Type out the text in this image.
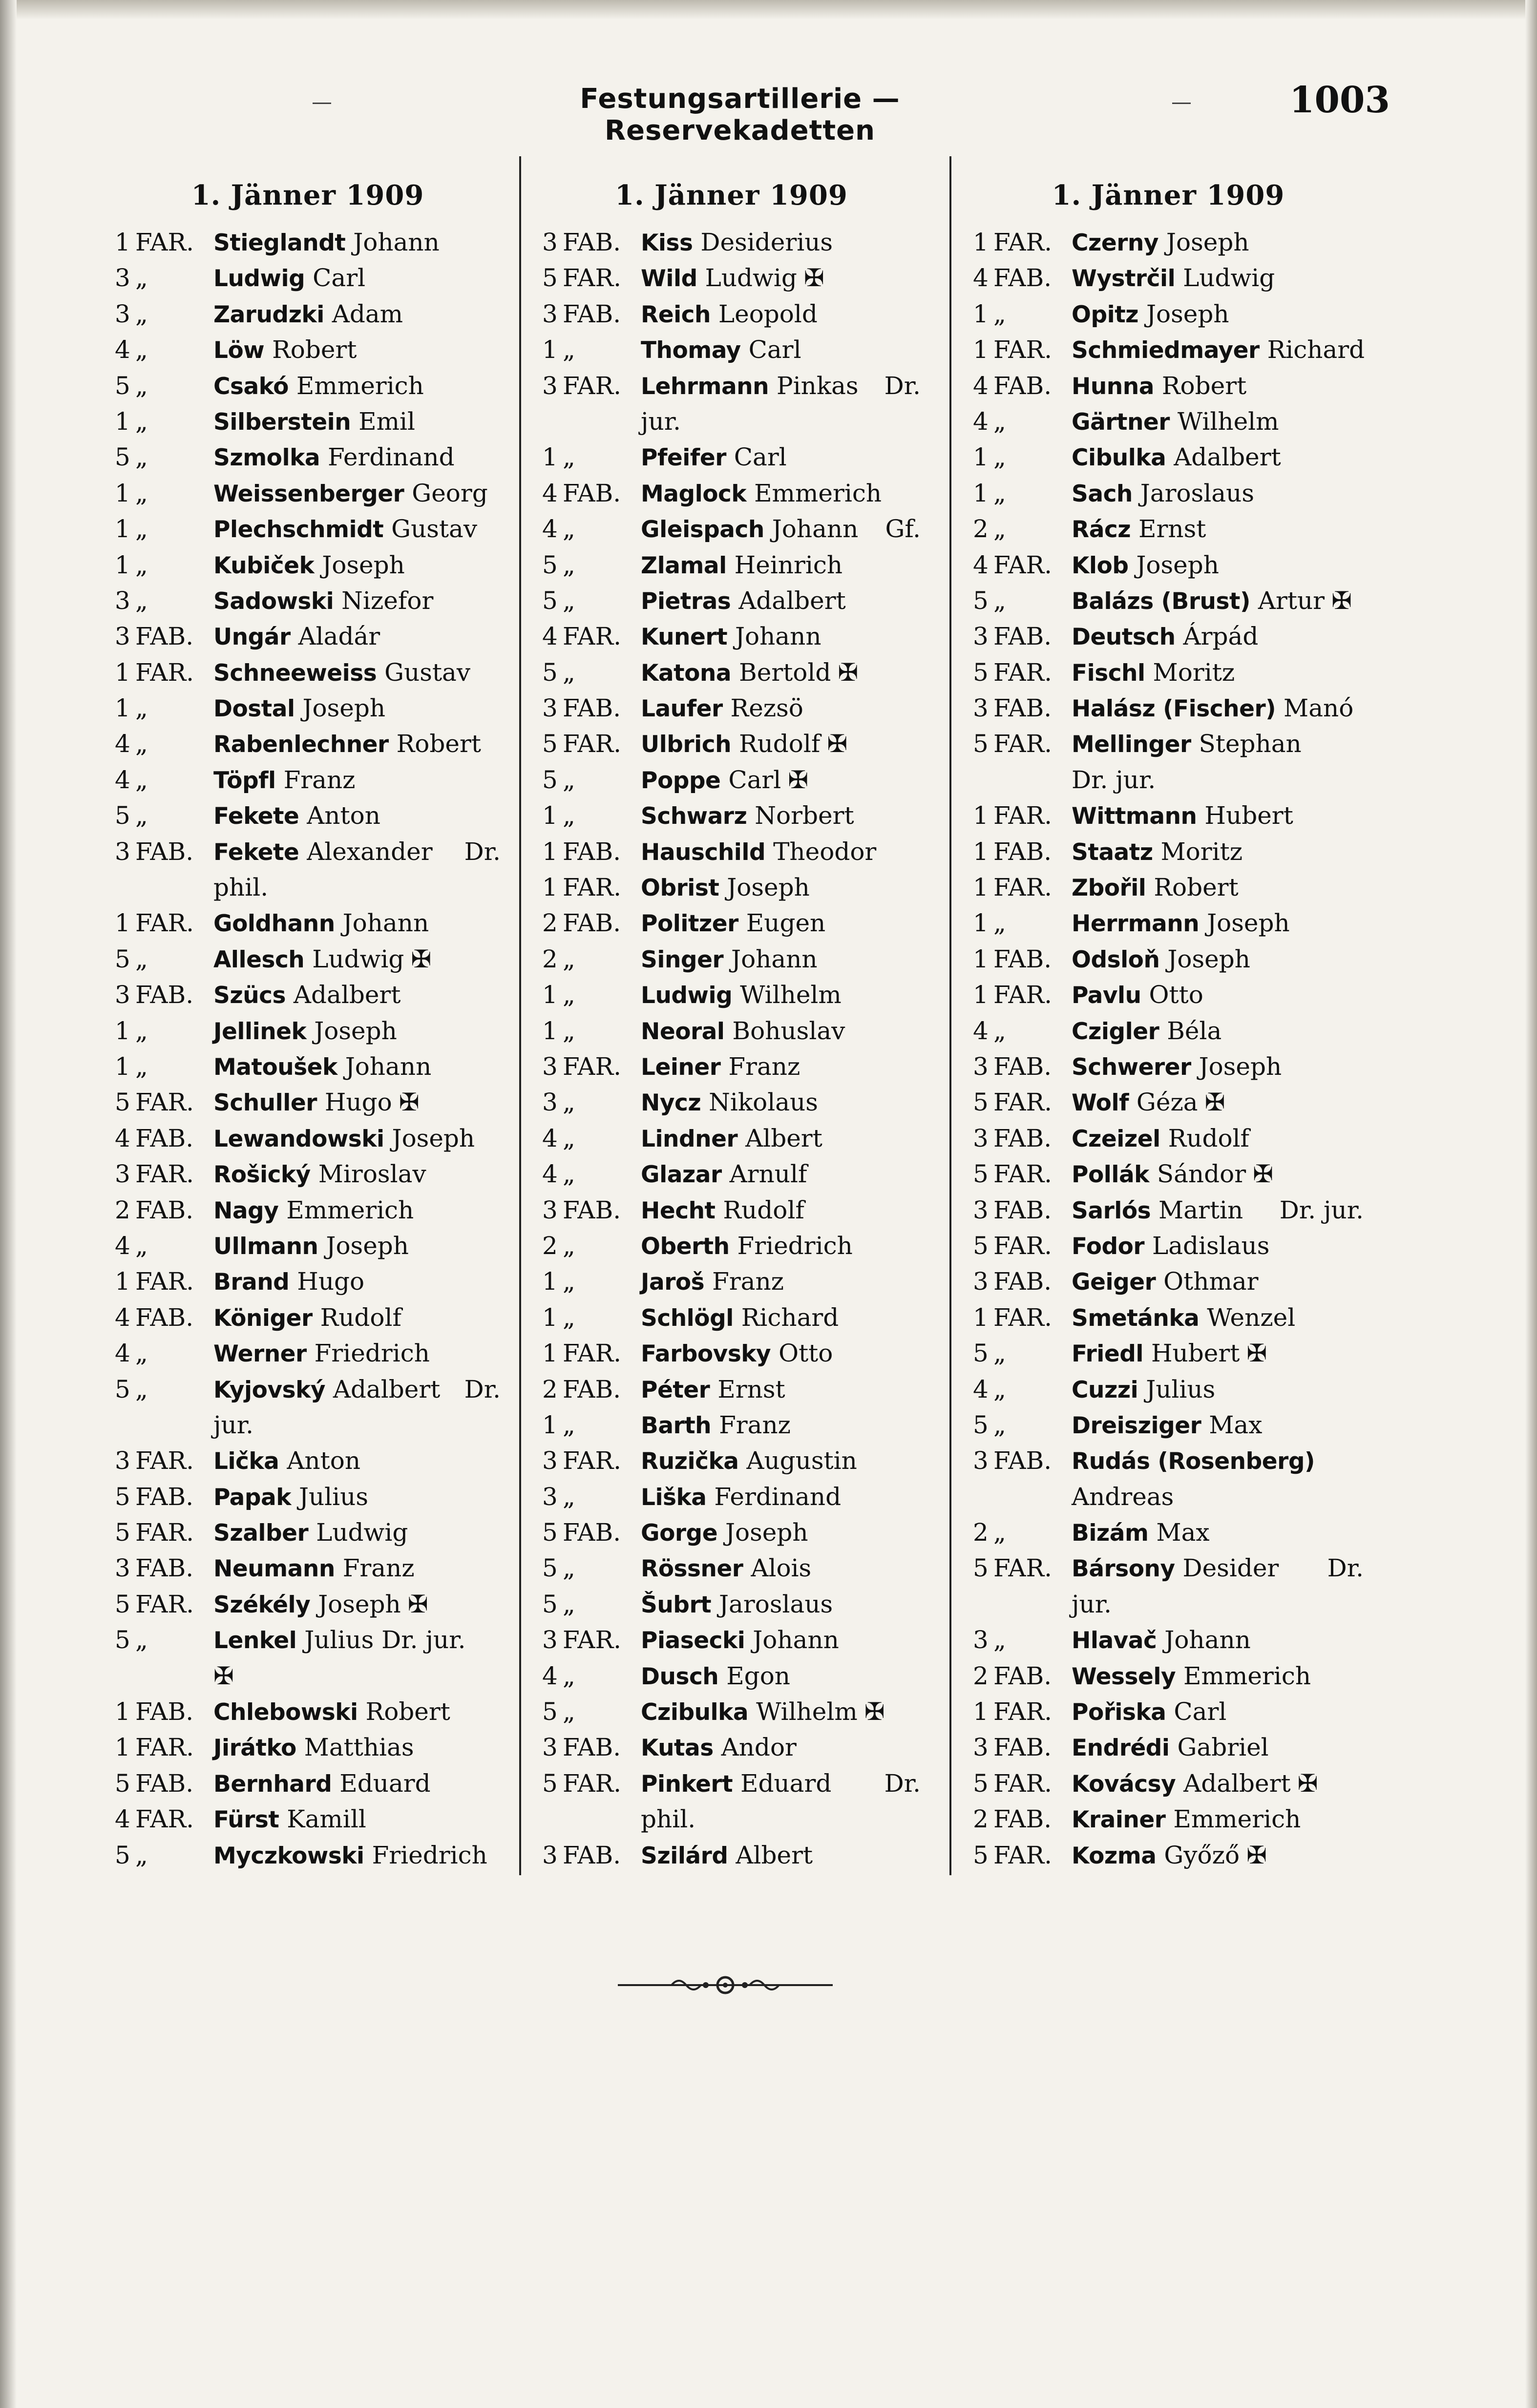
Festungsartillerie — Reservekadetten
1003
1. Jänner 1909
1 FAR. Stieglandt Johann
3 „	Ludwig Carl
3 „	Zarudzki Adam
4 „	Löw Robert
5 „	Csakó Emmerich
1 „	Silberstein Emil
5 „	Szmolka Ferdinand
1 „	Weissenberger Georg
1 „	Plechschmidt Gustav
1 „	Kubiček Joseph
3 „	Sadowski Nizefor
3 FAB. Ungár Aladár
1 FAR. Schneeweiss Gustav
1 „	Dostal Joseph
4 „	Rabenlechner Robert
4 „	Töpfl Franz
5 „	Fekete Anton
3 FAB. Fekete Alexander Dr.
phil.
1 FAR. Goldhann Johann
5 „	Allesch Ludwig ✠
3 FAB. Szücs Adalbert
1 „	Jellinek Joseph
1 „	Matoušek Johann
5 FAR. Schuller Hugo ✠
4 FAB. Lewandowski Joseph
3 FAR. Rošický Miroslav
2 FAB. Nagy Emmerich
4 „	Ullmann Joseph
1 FAR. Brand Hugo
4 FAB. Königer Rudolf
4 „	Werner Friedrich
5 „	Kyjovský Adalbert Dr.
jur.
3 FAR. Lička Anton
5 FAB. Papak Julius
5 FAR. Szalber Ludwig
3 FAB. Neumann Franz
5 FAR. Székély Joseph ✠
5 „	Lenkel Julius Dr. jur.
✠
1 FAB. Chlebowski Robert
1 FAR. Jirátko Matthias
5 FAB. Bernhard Eduard
4 FAR. Fürst Kamill
5 „	Myczkowski Friedrich
1. Jänner 1909
3 FAB. Kiss Desiderius
5 FAR. Wild Ludwig ✠
3 FAB. Reich Leopold
1 „	Thomay Carl
3 FAR. Lehrmann Pinkas Dr.
jur.
1 „	Pfeifer Carl
4 FAB. Maglock Emmerich
4 „	Gleispach Johann Gf.
5 „	Zlamal Heinrich
5 „	Pietras Adalbert
4 FAR. Kunert Johann
5 „	Katona Bertold ✠
3 FAB. Laufer Rezsö
5 FAR. Ulbrich Rudolf ✠
5 „	Poppe Carl ✠
1 „	Schwarz Norbert
1 FAB. Hauschild Theodor
1 FAR. Obrist Joseph
2 FAB. Politzer Eugen
2 „	Singer Johann
1 „	Ludwig Wilhelm
1 „	Neoral Bohuslav
3 FAR. Leiner Franz
3 „	Nycz Nikolaus
4 „	Lindner Albert
4 „	Glazar Arnulf
3 FAB. Hecht Rudolf
2 „	Oberth Friedrich
1 „	Jaroš Franz
1 „	Schlögl Richard
1 FAR. Farbovsky Otto
2 FAB. Péter Ernst
1 „	Barth Franz
3 FAR. Ruzička Augustin
3 „	Liška Ferdinand
5 FAB. Gorge Joseph
5 „	Rössner Alois
5 „	Šubrt Jaroslaus
3 FAR. Piasecki Johann
4 „	Dusch Egon
5 „	Czibulka Wilhelm ✠
3 FAB. Kutas Andor
5 FAR. Pinkert Eduard Dr.
phil.
3 FAB. Szilárd Albert
1. Jänner 1909
1 FAR. Czerny Joseph
4 FAB. Wystrčil Ludwig
1 „	Opitz Joseph
1 FAR. Schmiedmayer Richard
4 FAB. Hunna Robert
4 „	Gärtner Wilhelm
1 „	Cibulka Adalbert
1 „	Sach Jaroslaus
2 „	Rácz Ernst
4 FAR. Klob Joseph
5 „	Balázs (Brust) Artur ✠
3 FAB. Deutsch Árpád
5 FAR. Fischl Moritz
3 FAB. Halász (Fischer) Manó
5 FAR. Mellinger Stephan
Dr. jur.
1 FAR. Wittmann Hubert
1 FAB. Staatz Moritz
1 FAR. Zbořil Robert
1 „	Herrmann Joseph
1 FAB. Odsloň Joseph
1 FAR. Pavlu Otto
4 „	Czigler Béla
3 FAB. Schwerer Joseph
5 FAR. Wolf Géza ✠
3 FAB. Czeizel Rudolf
5 FAR. Pollák Sándor ✠
3 FAB. Sarlós Martin Dr. jur.
5 FAR. Fodor Ladislaus
3 FAB. Geiger Othmar
1 FAR. Smetánka Wenzel
5 „	Friedl Hubert ✠
4 „	Cuzzi Julius
5 „	Dreisziger Max
3 FAB. Rudás (Rosenberg)
Andreas
2 „	Bizám Max
5 FAR. Bársony Desider Dr.
jur.
3 „	Hlavač Johann
2 FAB. Wessely Emmerich
1 FAR. Pořiska Carl
3 FAB. Endrédi Gabriel
5 FAR. Kovácsy Adalbert ✠
2 FAB. Krainer Emmerich
5 FAR. Kozma Győző ✠
